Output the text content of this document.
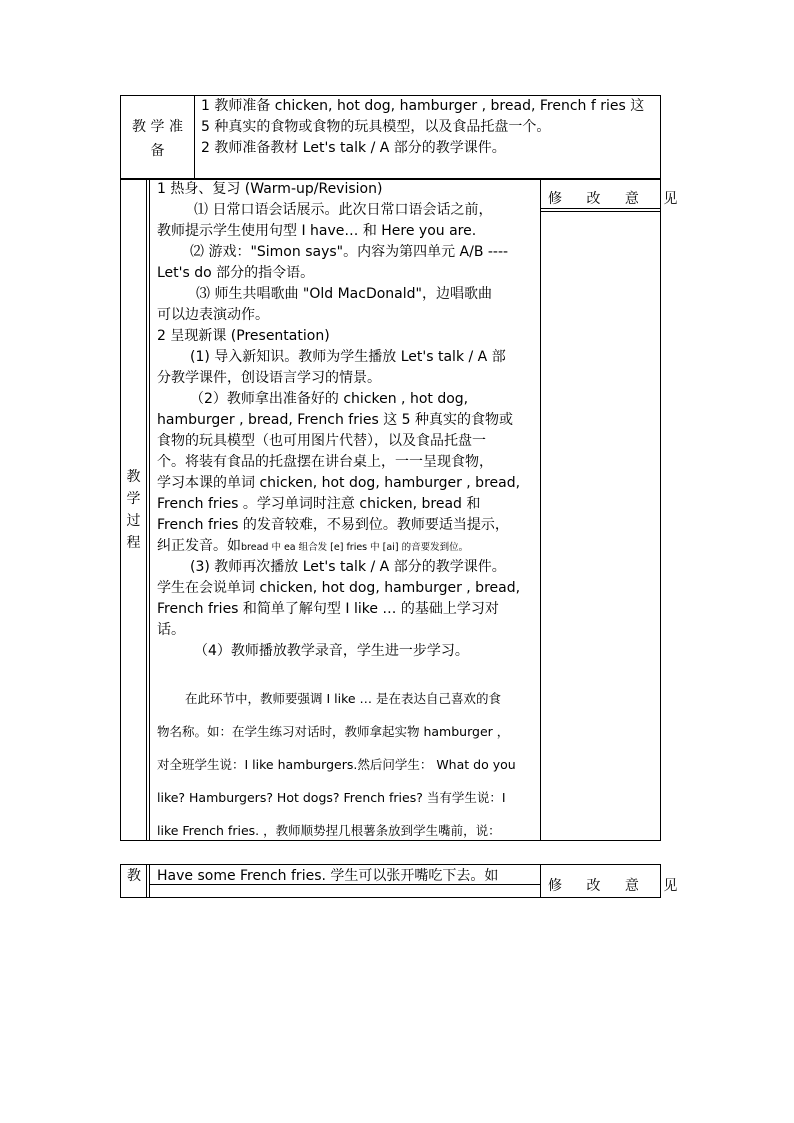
教 学 准
备
1 教师准备 chicken, hot dog, hamburger , bread, French f ries 这
5 种真实的食物或食物的玩具模型，以及食品托盘一个。
2 教师准备教材 Let's talk / A 部分的教学课件。
教
学
过
程
修 改 意 见
1 热身、复习 (Warm-up/Revision)
⑴ 日常口语会话展示。此次日常口语会话之前，
教师提示学生使用句型 I have… 和 Here you are.
⑵ 游戏："Simon says"。内容为第四单元 A/B ----
Let's do 部分的指令语。
⑶ 师生共唱歌曲 "Old MacDonald"，边唱歌曲
可以边表演动作。
2 呈现新课 (Presentation)
(1) 导入新知识。教师为学生播放 Let's talk / A 部
分教学课件，创设语言学习的情景。
（2）教师拿出准备好的 chicken , hot dog,
hamburger , bread, French fries 这 5 种真实的食物或
食物的玩具模型（也可用图片代替），以及食品托盘一
个。将装有食品的托盘摆在讲台桌上，一一呈现食物，
学习本课的单词 chicken, hot dog, hamburger , bread,
French fries 。学习单词时注意 chicken, bread 和
French fries 的发音较难，不易到位。教师要适当提示，
纠正发音。如bread 中 ea 组合发 [e] fries 中 [ai] 的音要发到位。
(3) 教师再次播放 Let's talk / A 部分的教学课件。
学生在会说单词 chicken, hot dog, hamburger , bread,
French fries 和简单了解句型 I like … 的基础上学习对
话。
（4）教师播放教学录音，学生进一步学习。
在此环节中，教师要强调 I like … 是在表达自己喜欢的食
物名称。如：在学生练习对话时，教师拿起实物 hamburger ，
对全班学生说：I like hamburgers.然后问学生： What do you
like? Hamburgers? Hot dogs? French fries? 当有学生说：I
like French fries. ，教师顺势捏几根薯条放到学生嘴前，说：
教 Have some French fries. 学生可以张开嘴吃下去。如
修 改 意 见
